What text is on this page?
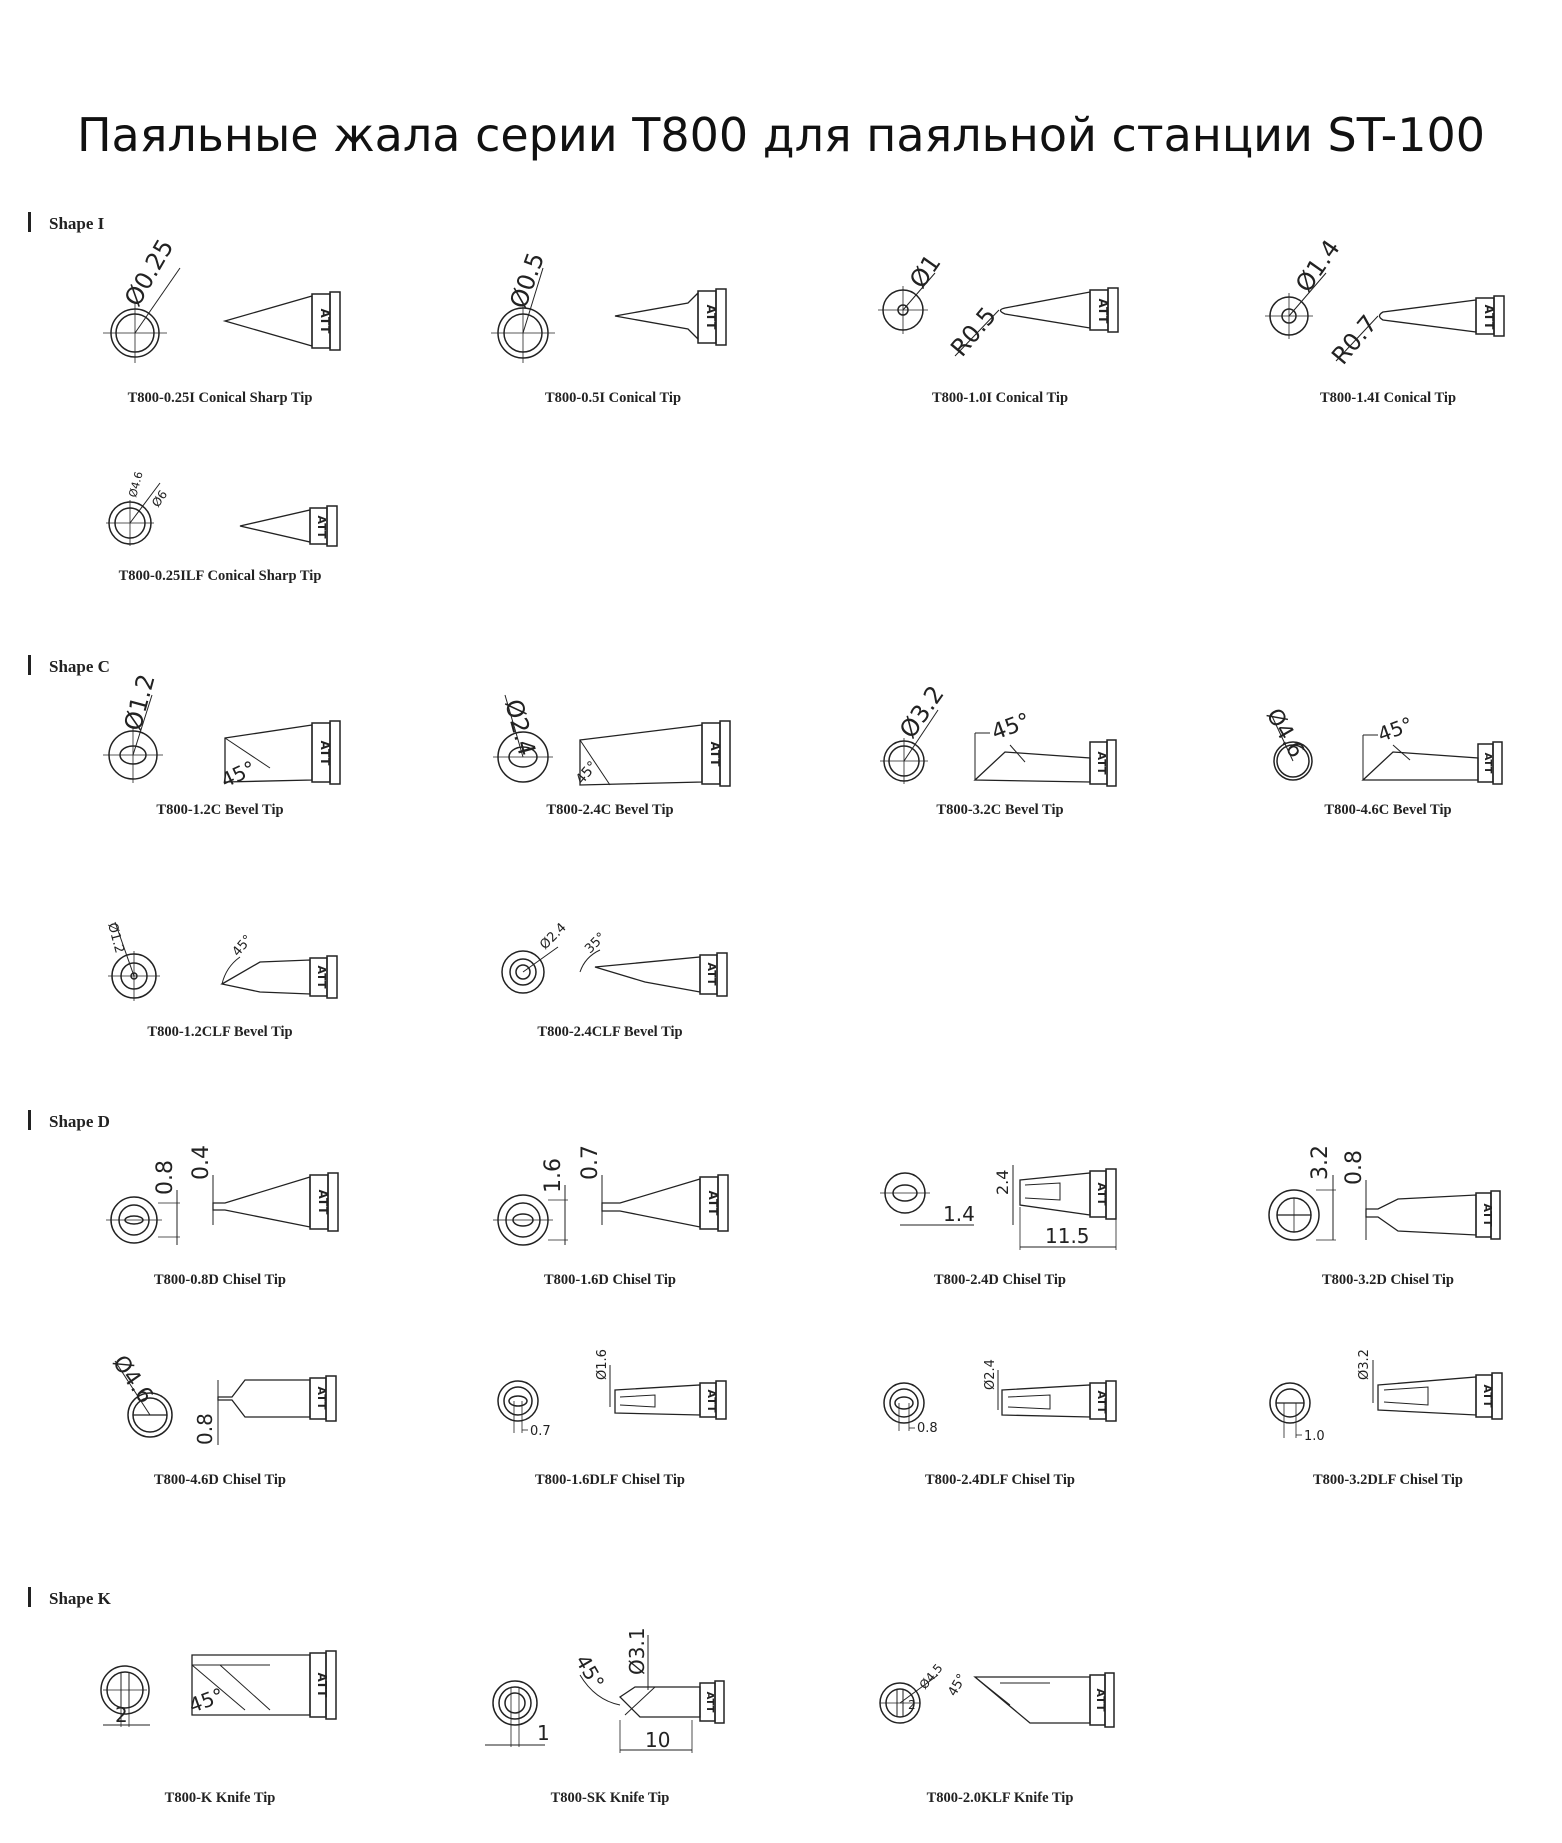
Паяльные жала серии T800 для паяльной станции ST-100
Shape I
Ø0.25
ATT
T800-0.25I Conical Sharp Tip
Ø0.5
ATT
T800-0.5I Conical Tip
Ø1
R0.5	ATT
T800-1.0I Conical Tip
Ø1.4
R0.7	ATT
T800-1.4I Conical Tip
Ø4.6 Ø6
ATT
T800-0.25ILF Conical Sharp Tip
Shape C
Ø1.2
45°
ATT
T800-1.2C Bevel Tip
Ø2.4
45°
ATT
T800-2.4C Bevel Tip
Ø3.2 45°
ATT
T800-3.2C Bevel Tip
Ø4.6	45°
ATT
T800-4.6C Bevel Tip
Ø1.2	45°
ATT
T800-1.2CLF Bevel Tip
Ø2.4 35°
ATT
T800-2.4CLF Bevel Tip
Shape D
0.8 0.4
ATT
T800-0.8D Chisel Tip
1.6 0.7
ATT
T800-1.6D Chisel Tip
1.4
2.4
11.5
ATT
T800-2.4D Chisel Tip
3.2 0.8
ATT
T800-3.2D Chisel Tip
Ø4.6
0.8
ATT
T800-4.6D Chisel Tip
0.7
Ø1.6
ATT
T800-1.6DLF Chisel Tip
0.8
Ø2.4
ATT
T800-2.4DLF Chisel Tip
1.0
Ø3.2
ATT
T800-3.2DLF Chisel Tip
Shape K
2	45°	ATT
T800-K Knife Tip
1
Ø3.1
45°
10
ATT
T800-SK Knife Tip
2
Ø4.5 45°
ATT
T800-2.0KLF Knife Tip
